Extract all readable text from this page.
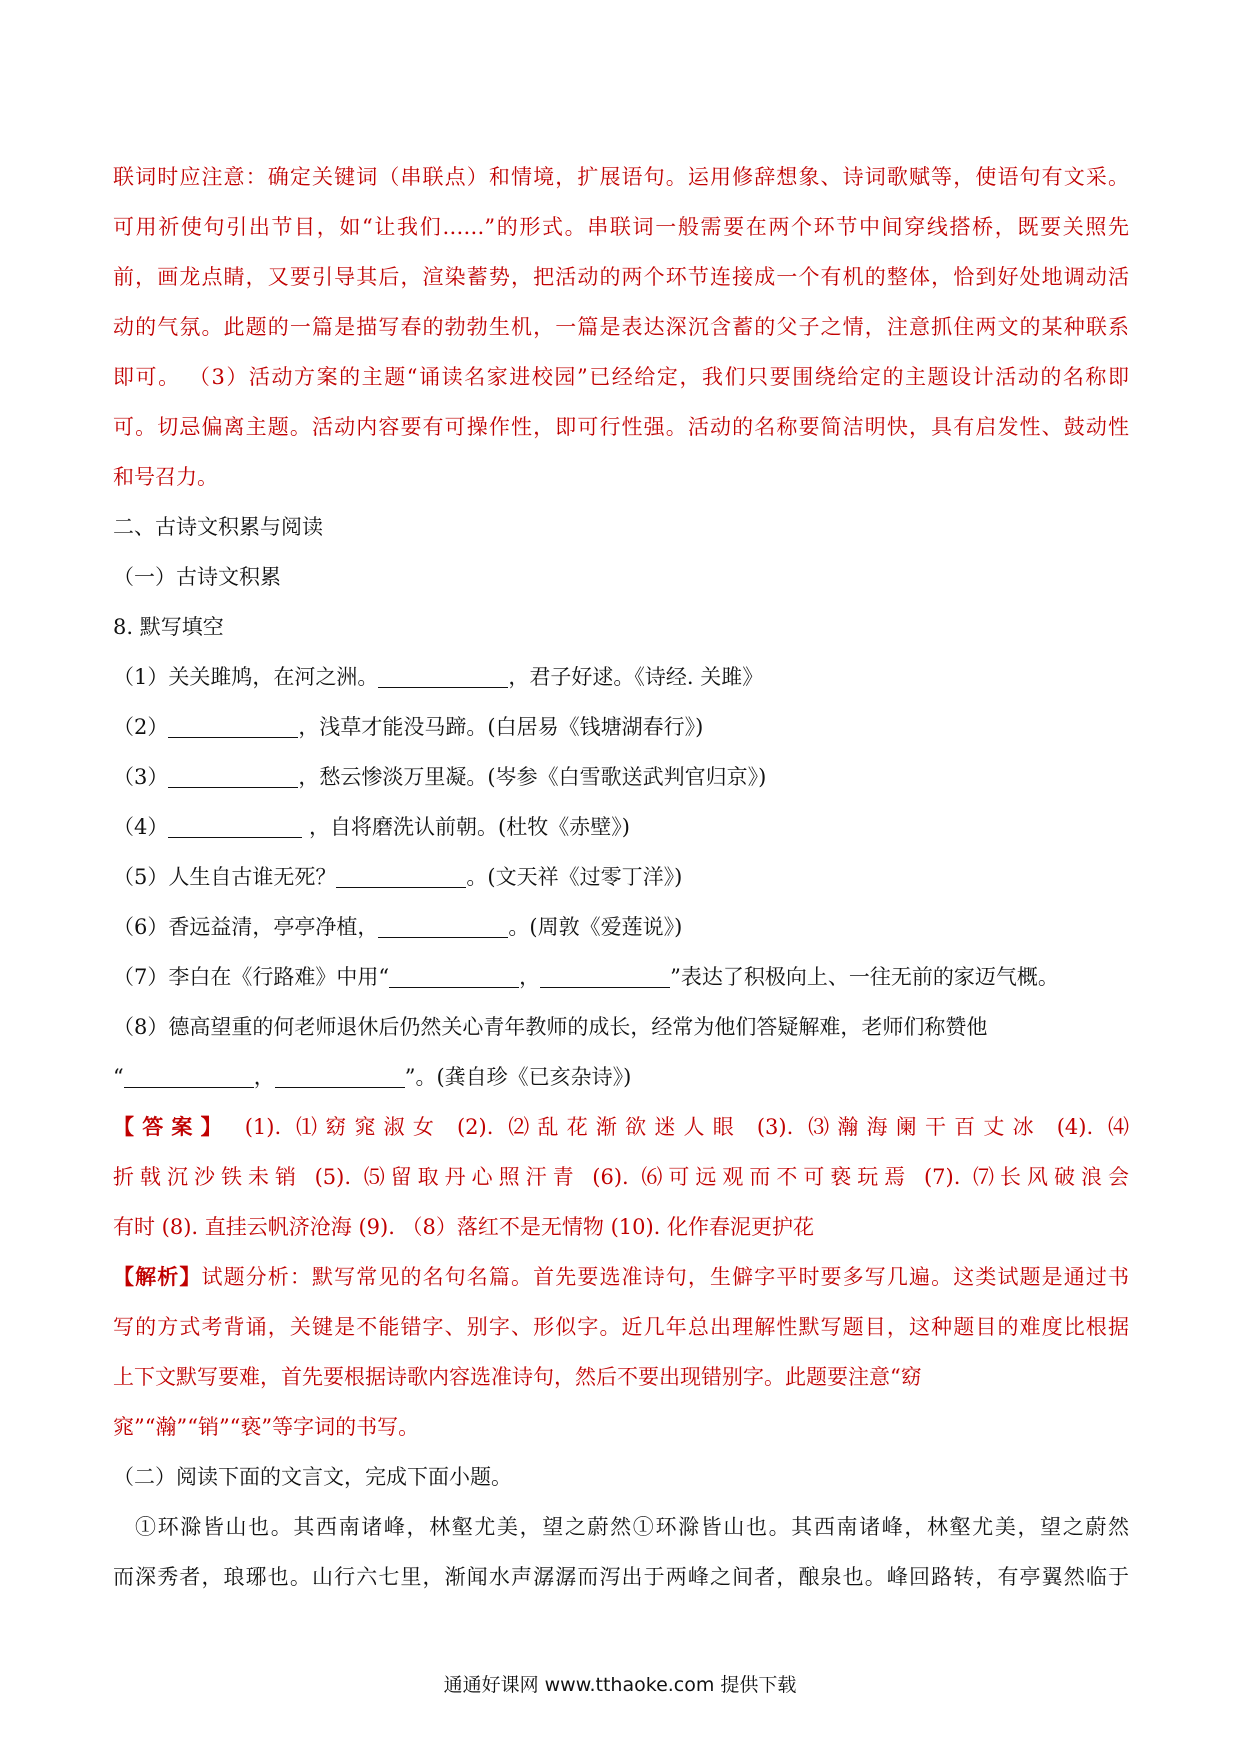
联词时应注意：确定关键词（串联点）和情境，扩展语句。运用修辞想象、诗词歌赋等，使语句有文采。
可用祈使句引出节目，如“让我们……”的形式。串联词一般需要在两个环节中间穿线搭桥，既要关照先
前，画龙点睛，又要引导其后，渲染蓄势，把活动的两个环节连接成一个有机的整体，恰到好处地调动活
动的气氛。此题的一篇是描写春的勃勃生机，一篇是表达深沉含蓄的父子之情，注意抓住两文的某种联系
即可。 （3）活动方案的主题“诵读名家进校园”已经给定，我们只要围绕给定的主题设计活动的名称即
可。切忌偏离主题。活动内容要有可操作性，即可行性强。活动的名称要简洁明快，具有启发性、鼓动性
和号召力。
二、古诗文积累与阅读
（一）古诗文积累
8. 默写填空
（1）关关雎鸠，在河之洲。	，君子好逑。《诗经. 关雎》
（2）	，浅草才能没马蹄。(白居易《钱塘湖春行》)
（3）	，愁云惨淡万里凝。(岑参《白雪歌送武判官归京》)
（4）	，自将磨洗认前朝。(杜牧《赤壁》)
（5）人生自古谁无死？	。(文天祥《过零丁洋》)
（6）香远益清，亭亭净植，	。(周敦《爱莲说》)
（7）李白在《行路难》中用“	，	”表达了积极向上、一往无前的家迈气概。
（8）德高望重的何老师退休后仍然关心青年教师的成长，经常为他们答疑解难，老师们称赞他
“	，	”。(龚自珍《已亥杂诗》)
【答案】 (1). ⑴窈窕淑女 (2). ⑵乱花渐欲迷人眼 (3). ⑶瀚海阑干百丈冰 (4). ⑷
折戟沉沙铁未销 (5). ⑸留取丹心照汗青 (6). ⑹可远观而不可亵玩焉 (7). ⑺长风破浪会
有时 (8). 直挂云帆济沧海 (9). （8）落红不是无情物 (10). 化作春泥更护花
【解析】试题分析：默写常见的名句名篇。首先要选准诗句，生僻字平时要多写几遍。这类试题是通过书
写的方式考背诵，关键是不能错字、别字、形似字。近几年总出理解性默写题目，这种题目的难度比根据
上下文默写要难，首先要根据诗歌内容选准诗句，然后不要出现错别字。此题要注意“窈
窕”“瀚”“销”“亵”等字词的书写。
（二）阅读下面的文言文，完成下面小题。
①环滁皆山也。其西南诸峰，林壑尤美，望之蔚然①环滁皆山也。其西南诸峰，林壑尤美，望之蔚然
而深秀者，琅琊也。山行六七里，渐闻水声潺潺而泻出于两峰之间者，酿泉也。峰回路转，有亭翼然临于
通通好课网 www.tthaoke.com 提供下载
